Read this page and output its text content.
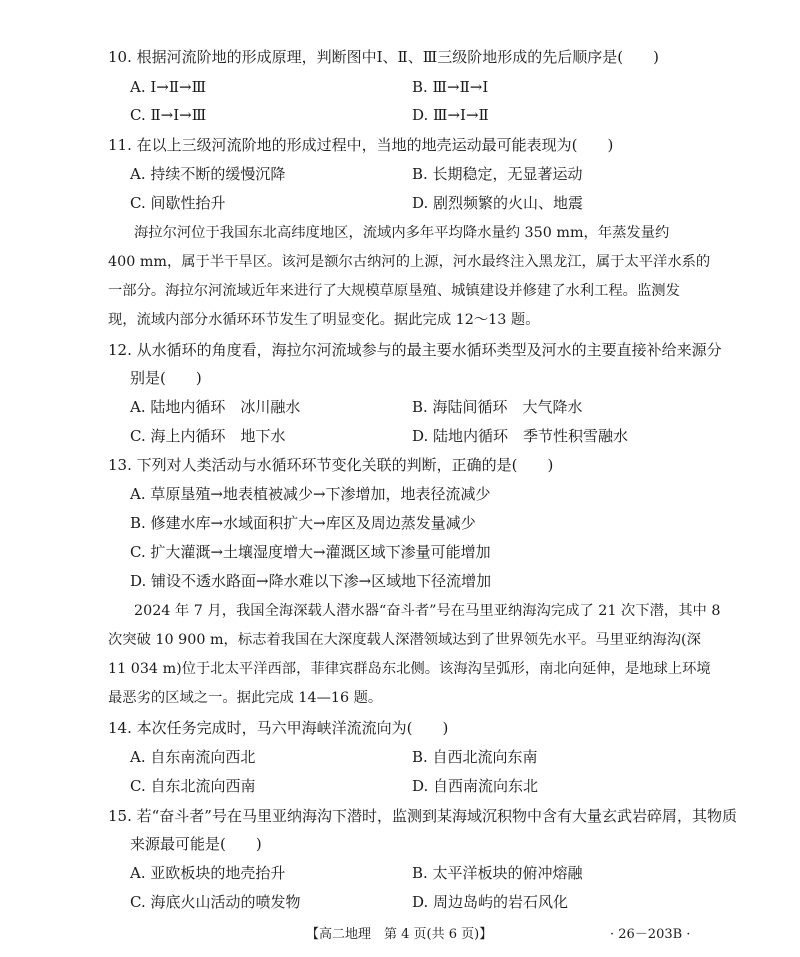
10. 根据河流阶地的形成原理，判断图中Ⅰ、Ⅱ、Ⅲ三级阶地形成的先后顺序是(　　)
A. Ⅰ→Ⅱ→Ⅲ	B. Ⅲ→Ⅱ→Ⅰ
C. Ⅱ→Ⅰ→Ⅲ	D. Ⅲ→Ⅰ→Ⅱ
11. 在以上三级河流阶地的形成过程中，当地的地壳运动最可能表现为(　　)
A. 持续不断的缓慢沉降	B. 长期稳定，无显著运动
C. 间歇性抬升	D. 剧烈频繁的火山、地震
海拉尔河位于我国东北高纬度地区，流域内多年平均降水量约 350 mm，年蒸发量约
400 mm，属于半干旱区。该河是额尔古纳河的上源，河水最终注入黑龙江，属于太平洋水系的
一部分。海拉尔河流域近年来进行了大规模草原垦殖、城镇建设并修建了水利工程。监测发
现，流域内部分水循环环节发生了明显变化。据此完成 12～13 题。
12. 从水循环的角度看，海拉尔河流域参与的最主要水循环类型及河水的主要直接补给来源分
别是(　　)
A. 陆地内循环　冰川融水	B. 海陆间循环　大气降水
C. 海上内循环　地下水	D. 陆地内循环　季节性积雪融水
13. 下列对人类活动与水循环环节变化关联的判断，正确的是(　　)
A. 草原垦殖→地表植被减少→下渗增加，地表径流减少
B. 修建水库→水域面积扩大→库区及周边蒸发量减少
C. 扩大灌溉→土壤湿度增大→灌溉区域下渗量可能增加
D. 铺设不透水路面→降水难以下渗→区域地下径流增加
2024 年 7 月，我国全海深载人潜水器“奋斗者”号在马里亚纳海沟完成了 21 次下潜，其中 8
次突破 10 900 m，标志着我国在大深度载人深潜领域达到了世界领先水平。马里亚纳海沟(深
11 034 m)位于北太平洋西部，菲律宾群岛东北侧。该海沟呈弧形，南北向延伸，是地球上环境
最恶劣的区域之一。据此完成 14—16 题。
14. 本次任务完成时，马六甲海峡洋流流向为(　　)
A. 自东南流向西北	B. 自西北流向东南
C. 自东北流向西南	D. 自西南流向东北
15. 若“奋斗者”号在马里亚纳海沟下潜时，监测到某海域沉积物中含有大量玄武岩碎屑，其物质
来源最可能是(　　)
A. 亚欧板块的地壳抬升	B. 太平洋板块的俯冲熔融
C. 海底火山活动的喷发物	D. 周边岛屿的岩石风化
【高二地理　第 4 页(共 6 页)】	· 26－203B ·
